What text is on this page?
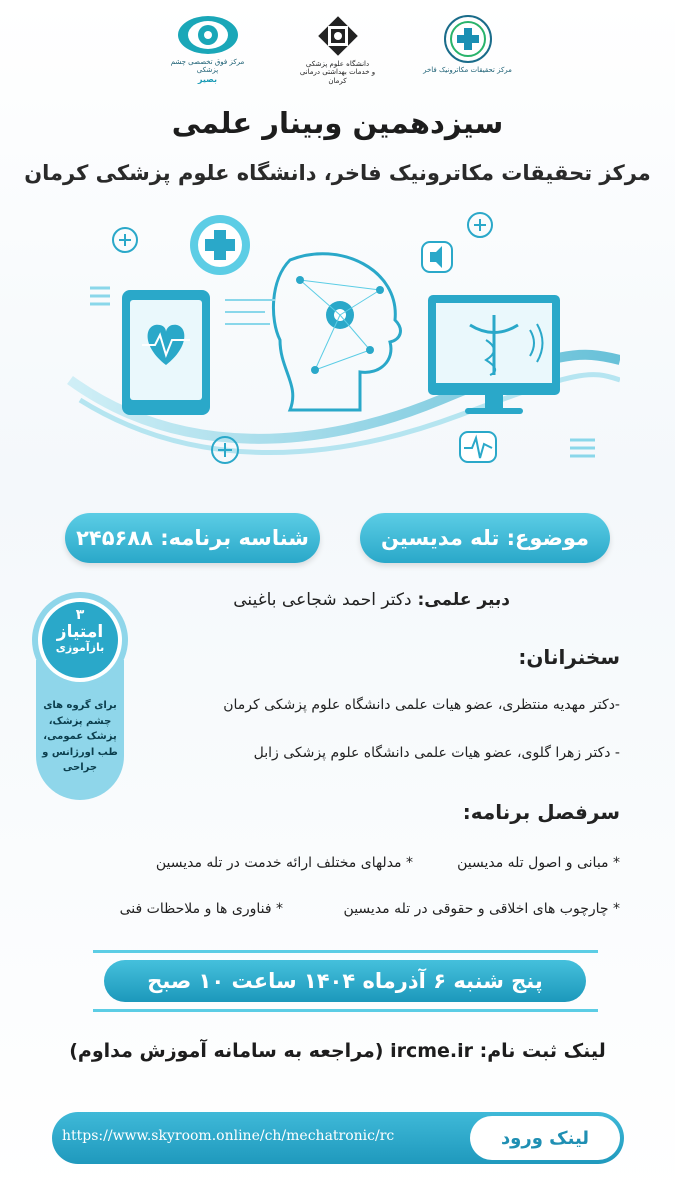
مرکز فوق تخصصی چشم پزشکی
بصیر
دانشگاه علوم پزشکی
و خدمات بهداشتی درمانی کرمان
مرکز تحقیقات مکاترونیک فاخر
سیزدهمین وبینار علمی
مرکز تحقیقات مکاترونیک فاخر، دانشگاه علوم پزشکی کرمان
موضوع: تله مدیسین
شناسه برنامه: ۲۴۵۶۸۸
دبیر علمی: دکتر احمد شجاعی باغینی
۳
امتیاز
بازآموزی
برای گروه های
چشم پزشک،
پزشک عمومی،
طب اورژانس و
جراحی
سخنرانان:
-دکتر مهدیه منتظری، عضو هیات علمی دانشگاه علوم پزشکی کرمان
- دکتر زهرا گلوی، عضو هیات علمی دانشگاه علوم پزشکی زابل
سرفصل برنامه:
* مبانی و اصول تله مدیسین
* مدلهای مختلف ارائه خدمت در تله مدیسین
* چارچوب های اخلاقی و حقوقی در تله مدیسین
* فناوری ها و ملاحظات فنی
پنج شنبه ۶ آذرماه ۱۴۰۴ ساعت ۱۰ صبح
لینک ثبت نام: ircme.ir (مراجعه به سامانه آموزش مداوم)
https://www.skyroom.online/ch/mechatronic/rc	لینک ورود
